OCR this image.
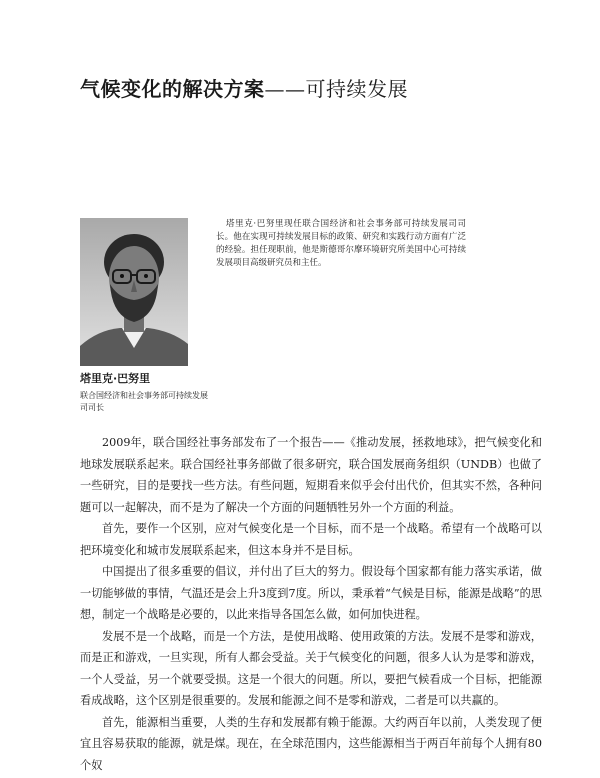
气候变化的解决方案——可持续发展
塔里克·巴努里现任联合国经济和社会事务部可持续发展司司长。他在实现可持续发展目标的政策、研究和实践行动方面有广泛的经验。担任现职前，他是斯德哥尔摩环境研究所美国中心可持续发展项目高级研究员和主任。
塔里克·巴努里
联合国经济和社会事务部可持续发展司司长

2009年，联合国经社事务部发布了一个报告——《推动发展，拯救地球》，把气候变化和地球发展联系起来。联合国经社事务部做了很多研究，联合国发展商务组织（UNDB）也做了一些研究，目的是要找一些方法。有些问题，短期看来似乎会付出代价，但其实不然，各种问题可以一起解决，而不是为了解决一个方面的问题牺牲另外一个方面的利益。

首先，要作一个区别，应对气候变化是一个目标，而不是一个战略。希望有一个战略可以把环境变化和城市发展联系起来，但这本身并不是目标。

中国提出了很多重要的倡议，并付出了巨大的努力。假设每个国家都有能力落实承诺，做一切能够做的事情，气温还是会上升3度到7度。所以，秉承着“气候是目标，能源是战略”的思想，制定一个战略是必要的，以此来指导各国怎么做，如何加快进程。

发展不是一个战略，而是一个方法，是使用战略、使用政策的方法。发展不是零和游戏，而是正和游戏，一旦实现，所有人都会受益。关于气候变化的问题，很多人认为是零和游戏，一个人受益，另一个就要受损。这是一个很大的问题。所以，要把气候看成一个目标，把能源看成战略，这个区别是很重要的。发展和能源之间不是零和游戏，二者是可以共赢的。

首先，能源相当重要，人类的生存和发展都有赖于能源。大约两百年以前，人类发现了便宜且容易获取的能源，就是煤。现在，在全球范围内，这些能源相当于两百年前每个人拥有80个奴
